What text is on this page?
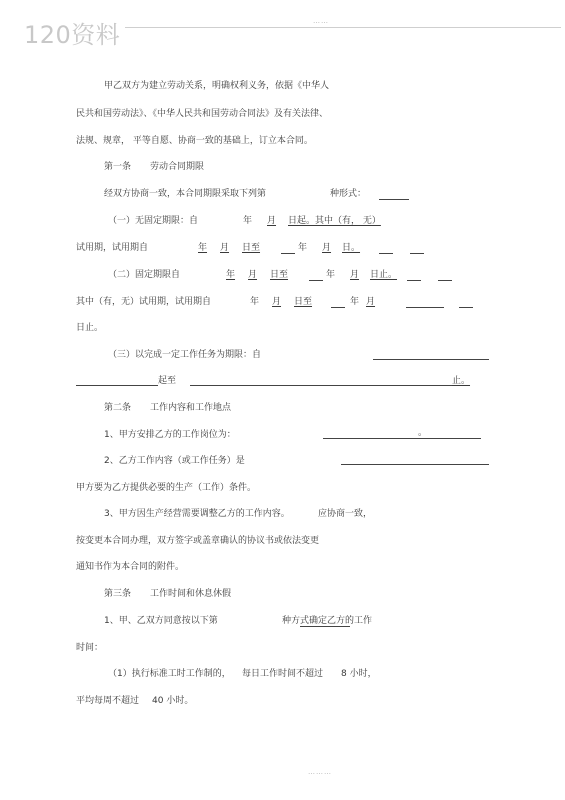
120资料	……
甲乙双方为建立劳动关系，明确权利义务，依据《中华人
民共和国劳动法》、《中华人民共和国劳动合同法》及有关法律、
法规、规章， 平等自愿、协商一致的基础上，订立本合同。
第一条 劳动合同期限
经双方协商一致，本合同期限采取下列第	种形式：
（一）无固定期限：自	年	月	日起。其中（有， 无）
试用期，试用期自	年	月 日至	年 月	日。
（二）固定期限自	年	月 日至	年 月	日止。
其中（有，无）试用期，试用期自	年 月	日至	年 月
日止。
（三）以完成一定工作任务为期限：自
起至	止。
第二条 工作内容和工作地点
1、甲方安排乙方的工作岗位为：	。
2、乙方工作内容（或工作任务）是
甲方要为乙方提供必要的生产（工作）条件。
3、甲方因生产经营需要调整乙方的工作内容。	应协商一致，
按变更本合同办理，双方签字或盖章确认的协议书或依法变更
通知书作为本合同的附件。
第三条 工作时间和休息休假
1、甲、乙双方同意按以下第	种方式确定乙方的工作
时间：
（1）执行标准工时工作制的， 每日工作时间不超过 8 小时，
平均每周不超过 40 小时。
………
